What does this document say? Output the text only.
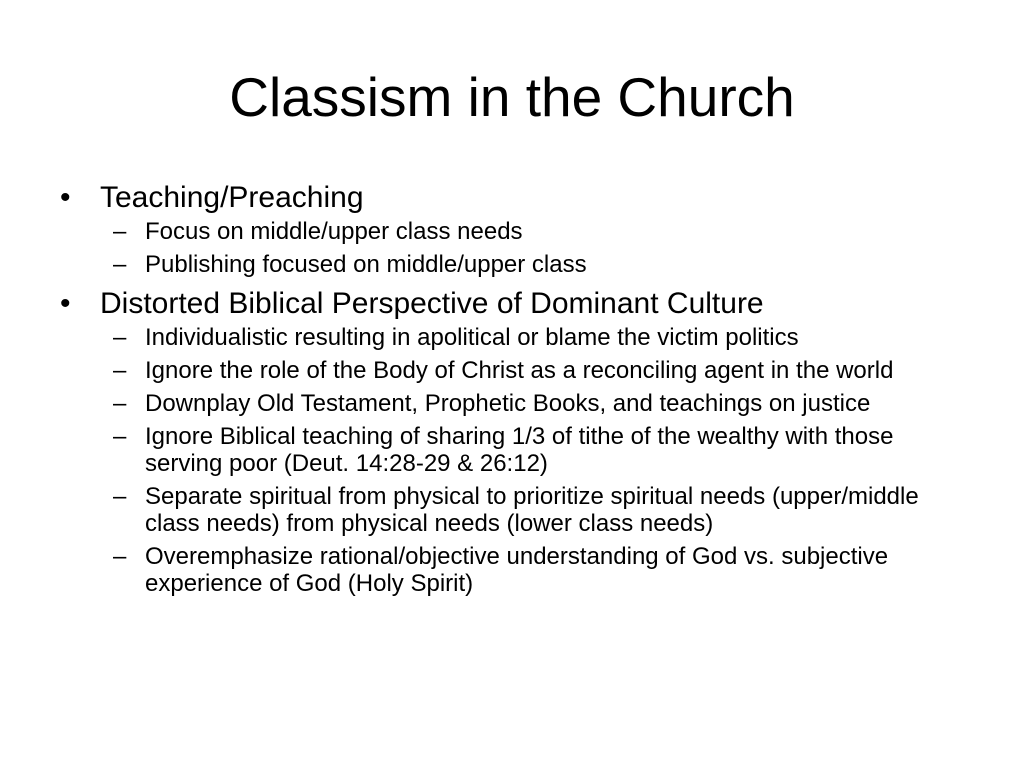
Classism in the Church
• Teaching/Preaching
– Focus on middle/upper class needs
– Publishing focused on middle/upper class
• Distorted Biblical Perspective of Dominant Culture
– Individualistic resulting in apolitical or blame the victim politics
– Ignore the role of the Body of Christ as a reconciling agent in the world
– Downplay Old Testament, Prophetic Books, and teachings on justice
– Ignore Biblical teaching of sharing 1/3 of tithe of the wealthy with those serving poor (Deut. 14:28-29 & 26:12)
– Separate spiritual from physical to prioritize spiritual needs (upper/middle class needs) from physical needs (lower class needs)
– Overemphasize rational/objective understanding of God vs. subjective experience of God (Holy Spirit)
